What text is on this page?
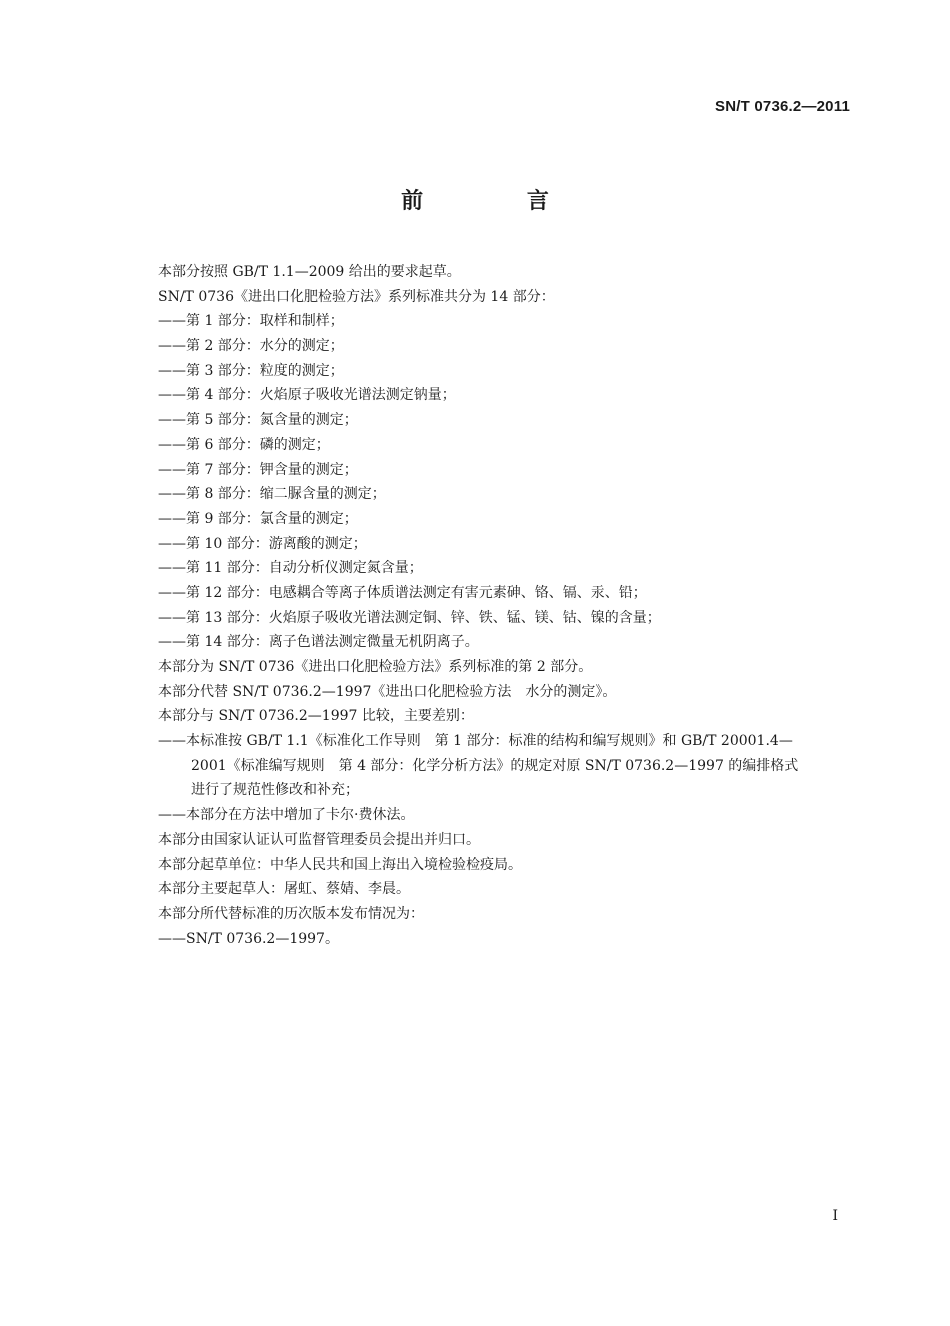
SN/T 0736.2—2011
前 言
本部分按照 GB/T 1.1—2009 给出的要求起草。
SN/T 0736《进出口化肥检验方法》系列标准共分为 14 部分：
——第 1 部分：取样和制样；
——第 2 部分：水分的测定；
——第 3 部分：粒度的测定；
——第 4 部分：火焰原子吸收光谱法测定钠量；
——第 5 部分：氮含量的测定；
——第 6 部分：磷的测定；
——第 7 部分：钾含量的测定；
——第 8 部分：缩二脲含量的测定；
——第 9 部分：氯含量的测定；
——第 10 部分：游离酸的测定；
——第 11 部分：自动分析仪测定氮含量；
——第 12 部分：电感耦合等离子体质谱法测定有害元素砷、铬、镉、汞、铅；
——第 13 部分：火焰原子吸收光谱法测定铜、锌、铁、锰、镁、钴、镍的含量；
——第 14 部分：离子色谱法测定微量无机阴离子。
本部分为 SN/T 0736《进出口化肥检验方法》系列标准的第 2 部分。
本部分代替 SN/T 0736.2—1997《进出口化肥检验方法　水分的测定》。
本部分与 SN/T 0736.2—1997 比较，主要差别：
——本标准按 GB/T 1.1《标准化工作导则　第 1 部分：标准的结构和编写规则》和 GB/T 20001.4—
2001《标准编写规则　第 4 部分：化学分析方法》的规定对原 SN/T 0736.2—1997 的编排格式
进行了规范性修改和补充；
——本部分在方法中增加了卡尔·费休法。
本部分由国家认证认可监督管理委员会提出并归口。
本部分起草单位：中华人民共和国上海出入境检验检疫局。
本部分主要起草人：屠虹、蔡婧、李晨。
本部分所代替标准的历次版本发布情况为：
——SN/T 0736.2—1997。
I
